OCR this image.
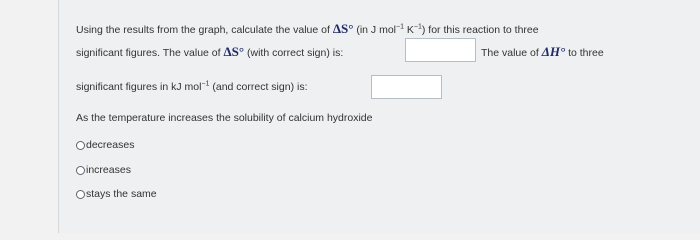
Using the results from the graph, calculate the value of ΔS° (in J mol$^{-1}$ $K^{-1}$) for this reaction to three
significant figures. The value of ΔS° (with correct sign) is:	The value of ΔH° to three
significant figures in kJ mol$^{-1}$ (and correct sign) is:
As the temperature increases the solubility of calcium hydroxide
decreases
increases
stays the same
